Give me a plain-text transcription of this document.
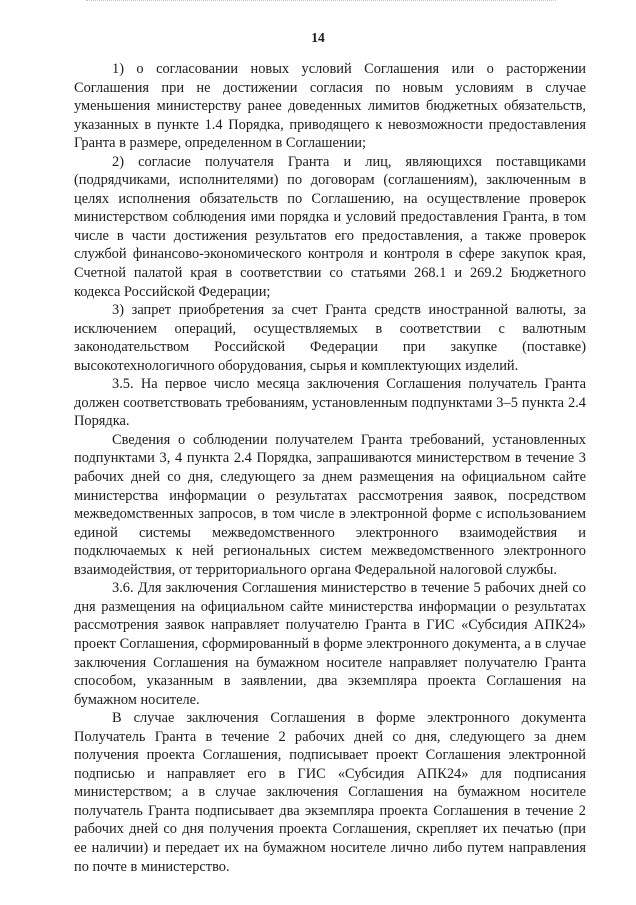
14

1) о согласовании новых условий Соглашения или о расторжении Соглашения при не достижении согласия по новым условиям в случае уменьшения министерству ранее доведенных лимитов бюджетных обязательств, указанных в пункте 1.4 Порядка, приводящего к невозможности предоставления Гранта в размере, определенном в Соглашении;

2) согласие получателя Гранта и лиц, являющихся поставщиками (подрядчиками, исполнителями) по договорам (соглашениям), заключенным в целях исполнения обязательств по Соглашению, на осуществление проверок министерством соблюдения ими порядка и условий предоставления Гранта, в том числе в части достижения результатов его предоставления, а также проверок службой финансово-экономического контроля и контроля в сфере закупок края, Счетной палатой края в соответствии со статьями 268.1 и 269.2 Бюджетного кодекса Российской Федерации;

3) запрет приобретения за счет Гранта средств иностранной валюты, за исключением операций, осуществляемых в соответствии с валютным законодательством Российской Федерации при закупке (поставке) высокотехнологичного оборудования, сырья и комплектующих изделий.

3.5. На первое число месяца заключения Соглашения получатель Гранта должен соответствовать требованиям, установленным подпунктами 3–5 пункта 2.4 Порядка.

Сведения о соблюдении получателем Гранта требований, установленных подпунктами 3, 4 пункта 2.4 Порядка, запрашиваются министерством в течение 3 рабочих дней со дня, следующего за днем размещения на официальном сайте министерства информации о результатах рассмотрения заявок, посредством межведомственных запросов, в том числе в электронной форме с использованием единой системы межведомственного электронного взаимодействия и подключаемых к ней региональных систем межведомственного электронного взаимодействия, от территориального органа Федеральной налоговой службы.

3.6. Для заключения Соглашения министерство в течение 5 рабочих дней со дня размещения на официальном сайте министерства информации о результатах рассмотрения заявок направляет получателю Гранта в ГИС «Субсидия АПК24» проект Соглашения, сформированный в форме электронного документа, а в случае заключения Соглашения на бумажном носителе направляет получателю Гранта способом, указанным в заявлении, два экземпляра проекта Соглашения на бумажном носителе.

В случае заключения Соглашения в форме электронного документа Получатель Гранта в течение 2 рабочих дней со дня, следующего за днем получения проекта Соглашения, подписывает проект Соглашения электронной подписью и направляет его в ГИС «Субсидия АПК24» для подписания министерством; а в случае заключения Соглашения на бумажном носителе получатель Гранта подписывает два экземпляра проекта Соглашения в течение 2 рабочих дней со дня получения проекта Соглашения, скрепляет их печатью (при ее наличии) и передает их на бумажном носителе лично либо путем направления по почте в министерство.
